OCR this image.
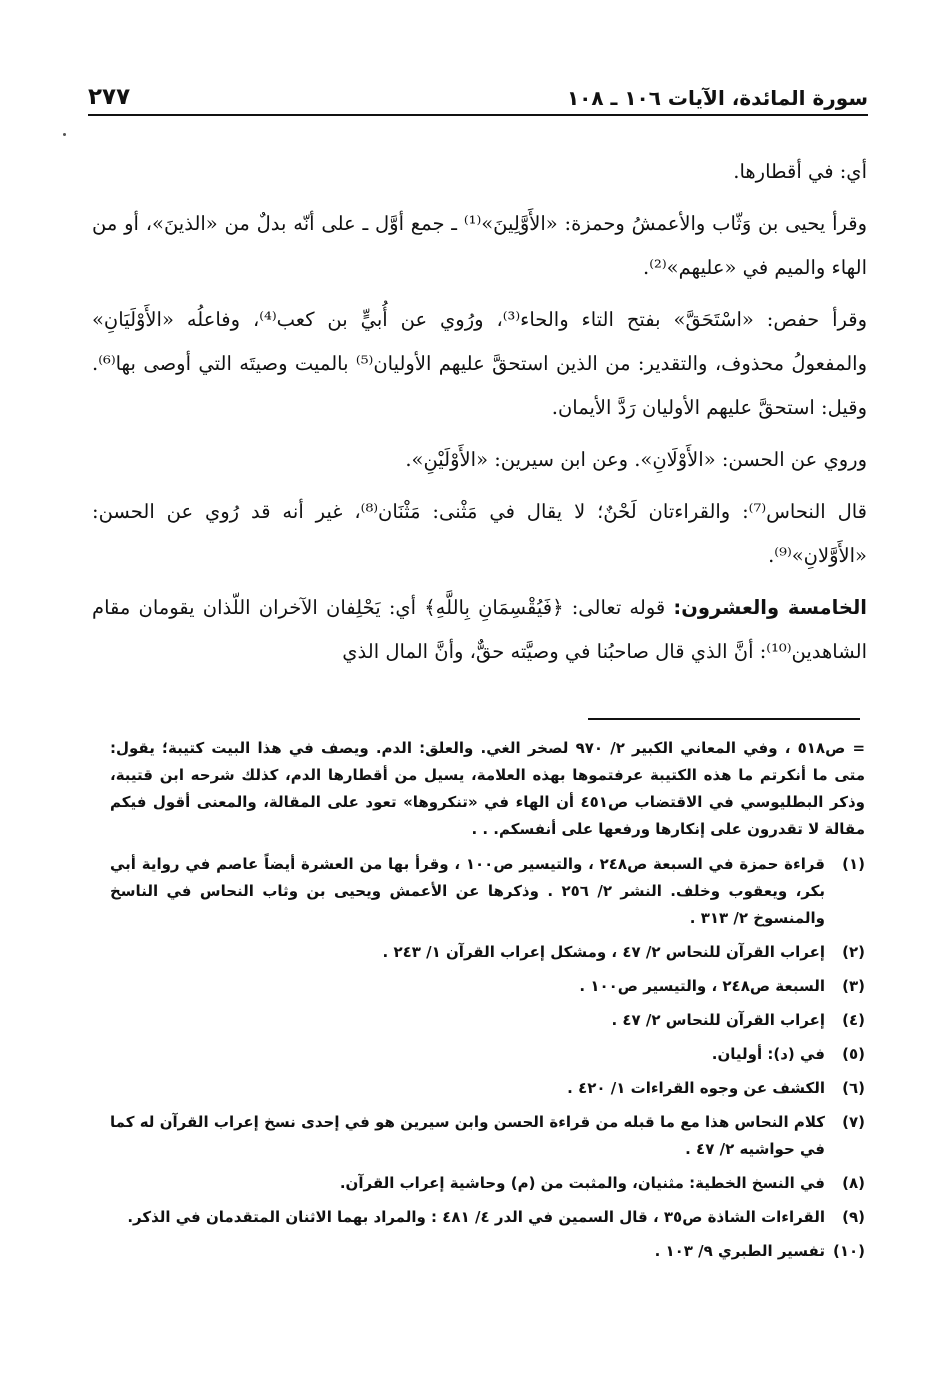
سورة المائدة، الآيات ١٠٦ ـ ١٠٨
٢٧٧

أي: في أقطارها.

وقرأ يحيى بن وَثّاب والأعمشُ وحمزة: «الأَوَّلِينَ»⁽¹⁾ ـ جمع أوَّل ـ على أنّه بدلٌ من «الذينَ»، أو من الهاء والميم في «عليهم»⁽²⁾.

وقرأ حفص: «اسْتَحَقَّ» بفتح التاء والحاء⁽³⁾، ورُوي عن أُبيٍّ بن كعب⁽⁴⁾، وفاعلُه «الأَوْلَيَانِ» والمفعولُ محذوف، والتقدير: من الذين استحقَّ عليهم الأوليان⁽⁵⁾ بالميت وصيتَه التي أوصى بها⁽⁶⁾. وقيل: استحقَّ عليهم الأوليان رَدَّ الأيمان.

وروي عن الحسن: «الأَوْلَانِ». وعن ابن سيرين: «الأَوْلَيْنِ».

قال النحاس⁽⁷⁾: والقراءتان لَحْنٌ؛ لا يقال في مَثْنى: مَثْنَان⁽⁸⁾، غير أنه قد رُوي عن الحسن: «الأَوَّلانِ»⁽⁹⁾.

الخامسة والعشرون: قوله تعالى: ﴿فَيُقْسِمَانِ بِاللَّهِ﴾ أي: يَحْلِفان الآخران اللّذان يقومان مقام الشاهدين⁽¹⁰⁾: أنَّ الذي قال صاحبُنا في وصيَّته حقٌّ، وأنَّ المال الذي

= ص٥١٨ ، وفي المعاني الكبير ٢/ ٩٧٠ لصخر الغي. والعلق: الدم. ويصف في هذا البيت كتيبة؛ يقول: متى ما أنكرتم ما هذه الكتيبة عرفتموها بهذه العلامة، يسيل من أقطارها الدم، كذلك شرحه ابن قتيبة، وذكر البطليوسي في الاقتضاب ص٤٥١ أن الهاء في «تنكروها» تعود على المقالة، والمعنى أقول فيكم مقالة لا تقدرون على إنكارها ورفعها على أنفسكم. . .
(١)
قراءة حمزة في السبعة ص٢٤٨ ، والتيسير ص١٠٠ ، وقرأ بها من العشرة أيضاً عاصم في رواية أبي بكر، ويعقوب وخلف. النشر ٢/ ٢٥٦ . وذكرها عن الأعمش ويحيى بن وثاب النحاس في الناسخ والمنسوخ ٢/ ٣١٣ .
(٢)
إعراب القرآن للنحاس ٢/ ٤٧ ، ومشكل إعراب القرآن ١/ ٢٤٣ .
(٣)
السبعة ص٢٤٨ ، والتيسير ص١٠٠ .
(٤)
إعراب القرآن للنحاس ٢/ ٤٧ .
(٥)
في (د): أوليان.
(٦)
الكشف عن وجوه القراءات ١/ ٤٢٠ .
(٧)
كلام النحاس هذا مع ما قبله من قراءة الحسن وابن سيرين هو في إحدى نسخ إعراب القرآن له كما في حواشيه ٢/ ٤٧ .
(٨)
في النسخ الخطية: مثنيان، والمثبت من (م) وحاشية إعراب القرآن.
(٩)
القراءات الشاذة ص٣٥ ، قال السمين في الدر ٤/ ٤٨١ : والمراد بهما الاثنان المتقدمان في الذكر.
(١٠)
تفسير الطبري ٩/ ١٠٣ .
